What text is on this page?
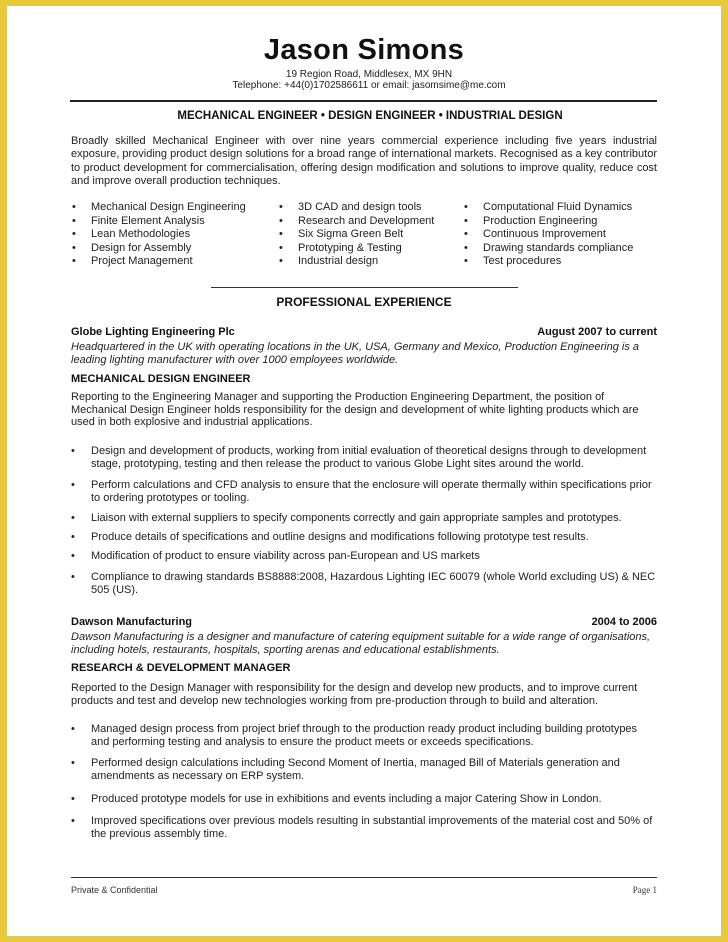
Jason Simons
19 Region Road, Middlesex, MX 9HN
Telephone: +44(0)1702586611 or email: jasomsime@me.com
MECHANICAL ENGINEER • DESIGN ENGINEER • INDUSTRIAL DESIGN
Broadly skilled Mechanical Engineer with over nine years commercial experience including five years industrial exposure, providing product design solutions for a broad range of international markets. Recognised as a key contributor to product development for commercialisation, offering design modification and solutions to improve quality, reduce cost and improve overall production techniques.
• Mechanical Design Engineering
• Finite Element Analysis
• Lean Methodologies
• Design for Assembly
• Project Management
• 3D CAD and design tools
• Research and Development
• Six Sigma Green Belt
• Prototyping & Testing
• Industrial design
• Computational Fluid Dynamics
• Production Engineering
• Continuous Improvement
• Drawing standards compliance
• Test procedures
PROFESSIONAL EXPERIENCE
Globe Lighting Engineering Plc	August 2007 to current
Headquartered in the UK with operating locations in the UK, USA, Germany and Mexico, Production Engineering is a leading lighting manufacturer with over 1000 employees worldwide.
MECHANICAL DESIGN ENGINEER
Reporting to the Engineering Manager and supporting the Production Engineering Department, the position of Mechanical Design Engineer holds responsibility for the design and development of white lighting products which are used in both explosive and industrial applications.
• Design and development of products, working from initial evaluation of theoretical designs through to development stage, prototyping, testing and then release the product to various Globe Light sites around the world.
• Perform calculations and CFD analysis to ensure that the enclosure will operate thermally within specifications prior to ordering prototypes or tooling.
• Liaison with external suppliers to specify components correctly and gain appropriate samples and prototypes.
• Produce details of specifications and outline designs and modifications following prototype test results.
• Modification of product to ensure viability across pan-European and US markets
• Compliance to drawing standards BS8888:2008, Hazardous Lighting IEC 60079 (whole World excluding US) & NEC 505 (US).
Dawson Manufacturing	2004 to 2006
Dawson Manufacturing is a designer and manufacture of catering equipment suitable for a wide range of organisations, including hotels, restaurants, hospitals, sporting arenas and educational establishments.
RESEARCH & DEVELOPMENT MANAGER
Reported to the Design Manager with responsibility for the design and develop new products, and to improve current products and test and develop new technologies working from pre-production through to build and alteration.
• Managed design process from project brief through to the production ready product including building prototypes and performing testing and analysis to ensure the product meets or exceeds specifications.
• Performed design calculations including Second Moment of Inertia, managed Bill of Materials generation and amendments as necessary on ERP system.
• Produced prototype models for use in exhibitions and events including a major Catering Show in London.
• Improved specifications over previous models resulting in substantial improvements of the material cost and 50% of the previous assembly time.
Private & Confidential	Page 1
